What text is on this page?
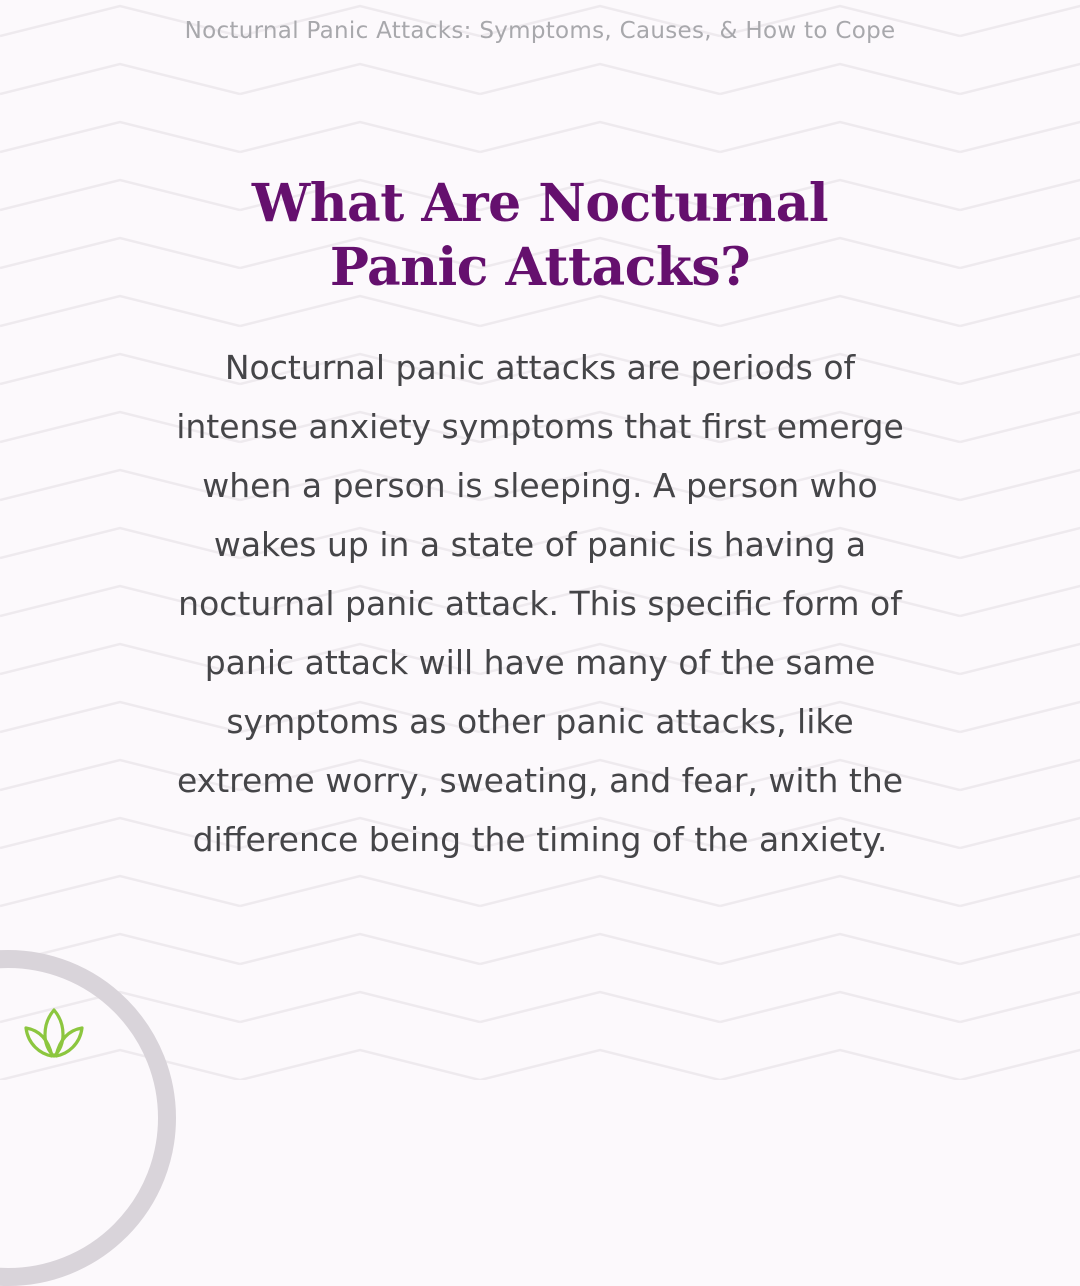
Nocturnal Panic Attacks: Symptoms, Causes, & How to Cope
What Are Nocturnal
Panic Attacks?
Nocturnal panic attacks are periods of
intense anxiety symptoms that first emerge
when a person is sleeping. A person who
wakes up in a state of panic is having a
nocturnal panic attack. This specific form of
panic attack will have many of the same
symptoms as other panic attacks, like
extreme worry, sweating, and fear, with the
difference being the timing of the anxiety.
